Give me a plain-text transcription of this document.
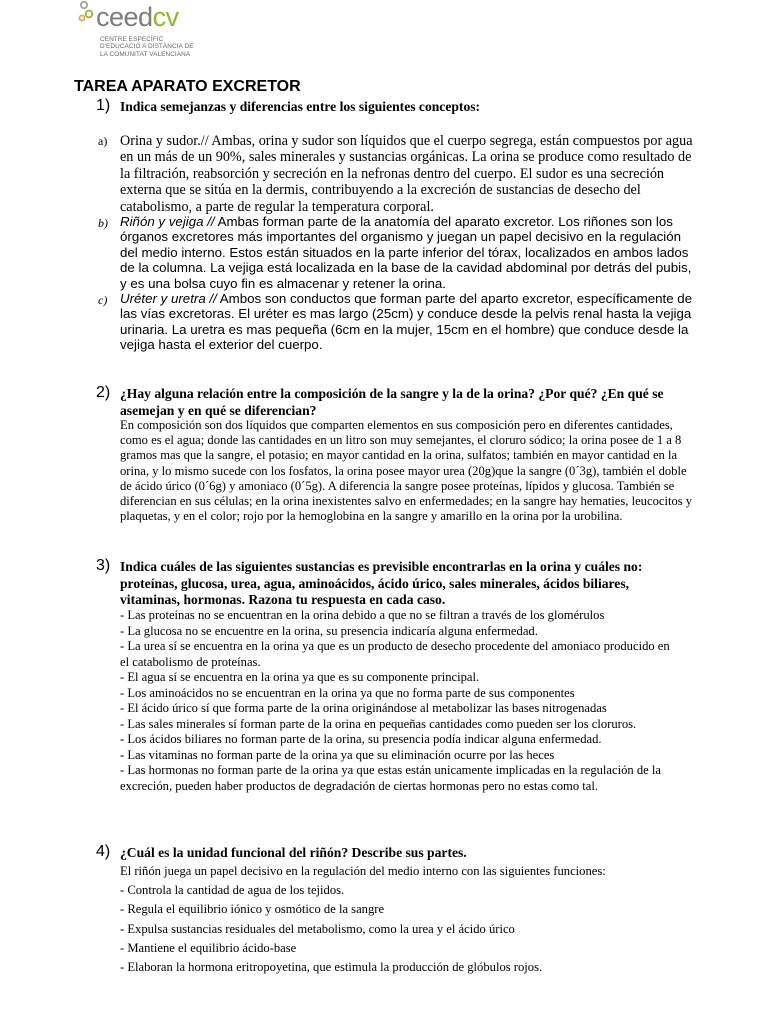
ceedcv
CENTRE ESPECÍFIC
D'EDUCACIÓ A DISTÀNCIA DE
LA COMUNITAT VALENCIANA
TAREA APARATO EXCRETOR
1) Indica semejanzas y diferencias entre los siguientes conceptos:

a) Orina y sudor.// Ambas, orina y sudor son líquidos que el cuerpo segrega, están compuestos por agua en un más de un 90%, sales minerales y sustancias orgánicas. La orina se produce como resultado de la filtración, reabsorción y secreción en la nefronas dentro del cuerpo. El sudor es una secreción externa que se sitúa en la dermis, contribuyendo a la excreción de sustancias de desecho del catabolismo, a parte de regular la temperatura corporal.

b) Riñón y vejiga // Ambas forman parte de la anatomía del aparato excretor. Los riñones son los órganos excretores más importantes del organismo y juegan un papel decisivo en la regulación del medio interno. Estos están situados en la parte inferior del tórax, localizados en ambos lados de la columna. La vejiga está localizada en la base de la cavidad abdominal por detrás del pubis, y es una bolsa cuyo fin es almacenar y retener la orina.

c) Uréter y uretra // Ambos son conductos que forman parte del aparto excretor, específicamente de las vías excretoras. El uréter es mas largo (25cm) y conduce desde la pelvis renal hasta la vejiga urinaria. La uretra es mas pequeña (6cm en la mujer, 15cm en el hombre) que conduce desde la vejiga hasta el exterior del cuerpo.

2) ¿Hay alguna relación entre la composición de la sangre y la de la orina? ¿Por qué? ¿En qué se asemejan y en qué se diferencian?

En composición son dos líquidos que comparten elementos en sus composición pero en diferentes cantidades, como es el agua; donde las cantidades en un litro son muy semejantes, el cloruro sódico; la orina posee de 1 a 8 gramos mas que la sangre, el potasio; en mayor cantidad en la orina, sulfatos; también en mayor cantidad en la orina, y lo mismo sucede con los fosfatos, la orina posee mayor urea (20g)que la sangre (0´3g), también el doble de ácido úrico (0´6g) y amoniaco (0´5g). A diferencia la sangre posee proteínas, lípidos y glucosa. También se diferencian en sus células; en la orina inexistentes salvo en enfermedades; en la sangre hay hematies, leucocitos y plaquetas, y en el color; rojo por la hemoglobina en la sangre y amarillo en la orina por la urobilina.

3) Indica cuáles de las siguientes sustancias es previsible encontrarlas en la orina y cuáles no: proteínas, glucosa, urea, agua, aminoácidos, ácido úrico, sales minerales, ácidos biliares, vitaminas, hormonas. Razona tu respuesta en cada caso.

- Las proteínas no se encuentran en la orina debido a que no se filtran a través de los glomérulos
- La glucosa no se encuentre en la orina, su presencia indicaría alguna enfermedad.
- La urea sí se encuentra en la orina ya que es un producto de desecho procedente del amoniaco producido en el catabolismo de proteínas.
- El agua sí se encuentra en la orina ya que es su componente principal.
- Los aminoácidos no se encuentran en la orina ya que no forma parte de sus componentes
- El ácido úrico sí que forma parte de la orina originándose al metabolizar las bases nitrogenadas
- Las sales minerales sí forman parte de la orina en pequeñas cantidades como pueden ser los cloruros.
- Los ácidos biliares no forman parte de la orina, su presencia podía indicar alguna enfermedad.
- Las vitaminas no forman parte de la orina ya que su eliminación ocurre por las heces
- Las hormonas no forman parte de la orina ya que estas están unicamente implicadas en la regulación de la excreción, pueden haber productos de degradación de ciertas hormonas pero no estas como tal.
4) ¿Cuál es la unidad funcional del riñón? Describe sus partes.

El riñón juega un papel decisivo en la regulación del medio interno con las siguientes funciones:

- Controla la cantidad de agua de los tejidos.
- Regula el equilibrio iónico y osmótico de la sangre
- Expulsa sustancias residuales del metabolismo, como la urea y el ácido úrico
- Mantiene el equilibrio ácido-base
- Elaboran la hormona eritropoyetina, que estimula la producción de glóbulos rojos.
